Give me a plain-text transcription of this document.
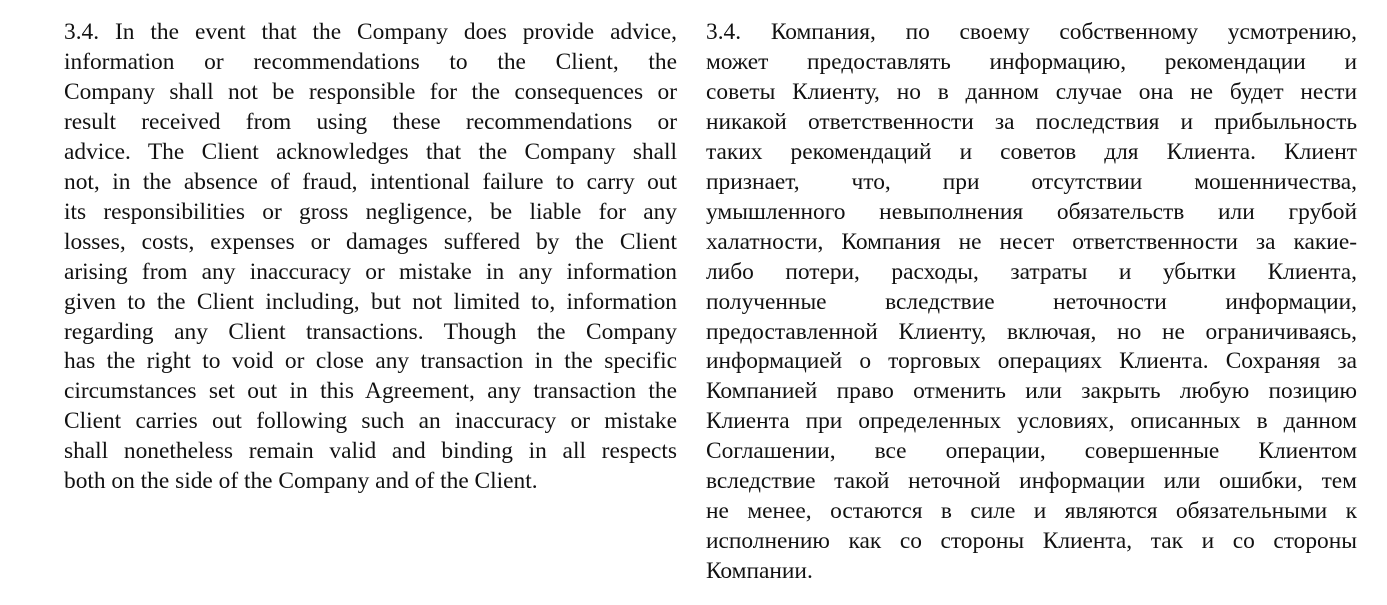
3.4. In the event that the Company does provide advice,
information or recommendations to the Client, the
Company shall not be responsible for the consequences or
result received from using these recommendations or
advice. The Client acknowledges that the Company shall
not, in the absence of fraud, intentional failure to carry out
its responsibilities or gross negligence, be liable for any
losses, costs, expenses or damages suffered by the Client
arising from any inaccuracy or mistake in any information
given to the Client including, but not limited to, information
regarding any Client transactions. Though the Company
has the right to void or close any transaction in the specific
circumstances set out in this Agreement, any transaction the
Client carries out following such an inaccuracy or mistake
shall nonetheless remain valid and binding in all respects
both on the side of the Company and of the Client.
3.4. Компания, по своему собственному усмотрению,
может предоставлять информацию, рекомендации и
советы Клиенту, но в данном случае она не будет нести
никакой ответственности за последствия и прибыльность
таких рекомендаций и советов для Клиента. Клиент
признает, что, при отсутствии мошенничества,
умышленного невыполнения обязательств или грубой
халатности, Компания не несет ответственности за какие-
либо потери, расходы, затраты и убытки Клиента,
полученные вследствие неточности информации,
предоставленной Клиенту, включая, но не ограничиваясь,
информацией о торговых операциях Клиента. Сохраняя за
Компанией право отменить или закрыть любую позицию
Клиента при определенных условиях, описанных в данном
Соглашении, все операции, совершенные Клиентом
вследствие такой неточной информации или ошибки, тем
не менее, остаются в силе и являются обязательными к
исполнению как со стороны Клиента, так и со стороны
Компании.
